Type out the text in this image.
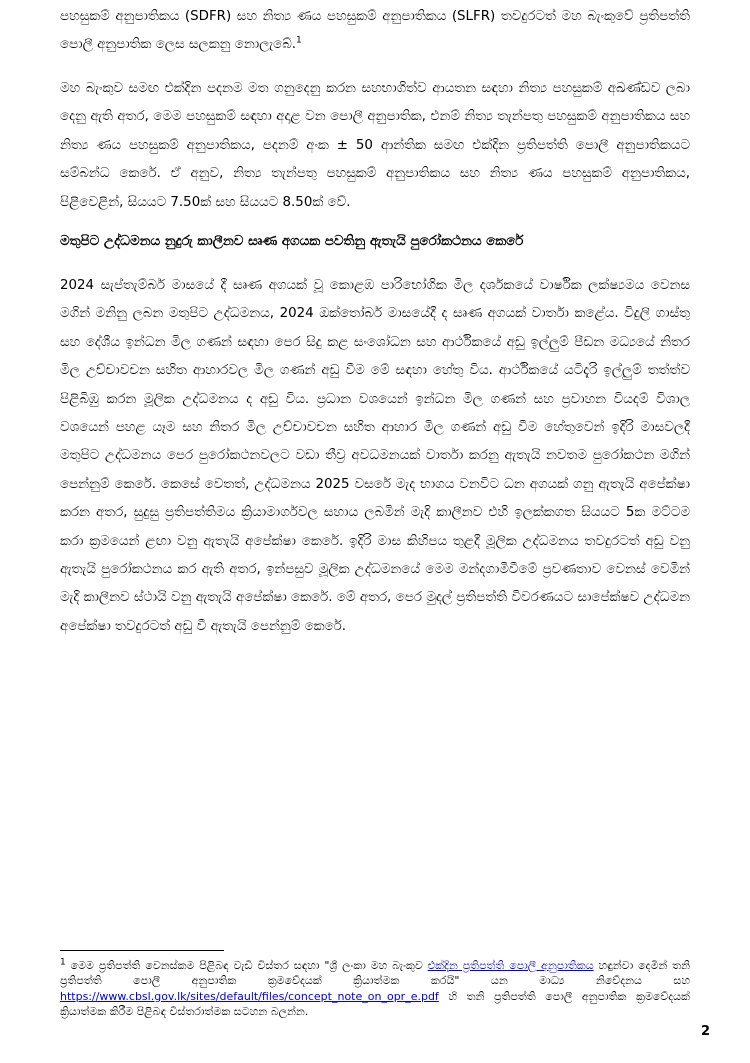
පහසුකම් අනුපාතිකය (SDFR) සහ නිත්‍ය ණය පහසුකම් අනුපාතිකය (SLFR) තවදුරටත් මහ බැංකුවේ ප්‍රතිපත්ති පොලී අනුපාතික ලෙස සලකනු නොලැබේ.$^1$

මහ බැංකුව සමඟ එක්දින පදනම මත ගනුදෙනු කරන සහභාගිත්ව ආයතන සඳහා නිත්‍ය පහසුකම් අඛණ්ඩව ලබා දෙනු ඇති අතර, මෙම පහසුකම් සඳහා අදාළ වන පොලී අනුපාතික, එනම් නිත්‍ය තැන්පතු පහසුකම් අනුපාතිකය සහ නිත්‍ය ණය පහසුකම් අනුපාතිකය, පදනම් අංක ± 50 ආන්තික සමඟ එක්දින ප්‍රතිපත්ති පොලී අනුපාතිකයට සම්බන්ධ කෙරේ. ඒ අනුව, නිත්‍ය තැන්පතු පහසුකම් අනුපාතිකය සහ නිත්‍ය ණය පහසුකම් අනුපාතිකය, පිළිවෙළින්, සියයට 7.50ක් සහ සියයට 8.50ක් වේ.

මතුපිට උද්ධමනය නුදුරු කාලීනව සෘණ අගයක පවතිනු ඇතැයි පුරෝකථනය කෙරේ

2024 සැප්තැම්බර් මාසයේ දී සෘණ අගයක් වූ කොළඹ පාරිභෝගික මිල දර්ශකයේ වාර්ෂික ලක්ෂ්‍යමය වෙනස මගින් මනිනු ලබන මතුපිට උද්ධමනය, 2024 ඔක්තෝබර් මාසයේදී ද සෘණ අගයක් වාර්තා කළේය. විදුලි ගාස්තු සහ දේශීය ඉන්ධන මිල ගණන් සඳහා පෙර සිදු කළ සංශෝධන සහ ආර්ථිකයේ අඩු ඉල්ලුම් පීඩන මධ්‍යයේ නිතර මිල උච්චාවචන සහිත ආහාරවල මිල ගණන් අඩු වීම මේ සඳහා හේතු විය. ආර්ථිකයේ යටිදැරි ඉල්ලුම් තත්ත්ව පිළිබිඹු කරන මූලික උද්ධමනය ද අඩු විය. ප්‍රධාන වශයෙන් ඉන්ධන මිල ගණන් සහ ප්‍රවාහන වියදම් විශාල වශයෙන් පහළ යෑම සහ නිතර මිල උච්චාවචන සහිත ආහාර මිල ගණන් අඩු වීම හේතුවෙන් ඉදිරි මාසවලදී මතුපිට උද්ධමනය පෙර පුරෝකථනවලට වඩා තීව්‍ර අවධමනයක් වාර්තා කරනු ඇතැයි නවතම පුරෝකථන මගින් පෙන්නුම් කෙරේ. කෙසේ වෙතත්, උද්ධමනය 2025 වසරේ මැද භාගය වනවිට ධන අගයක් ගනු ඇතැයි අපේක්ෂා කරන අතර, සුදුසු ප්‍රතිපත්තිමය ක්‍රියාමාර්ගවල සහාය ලබමින් මැදි කාලීනව එහි ඉලක්කගත සියයට 5ක මට්ටම කරා ක්‍රමයෙන් ළඟා වනු ඇතැයි අපේක්ෂා කෙරේ. ඉදිරි මාස කිහිපය තුළදී මූලික උද්ධමනය තවදුරටත් අඩු වනු ඇතැයි පුරෝකථනය කර ඇති අතර, ඉන්පසුව මූලික උද්ධමනයේ මෙම මන්දගාමීවීමේ ප්‍රවණතාව වෙනස් වෙමින් මැදි කාලීනව ස්ථායි වනු ඇතැයි අපේක්ෂා කෙරේ. මේ අතර, පෙර මුදල් ප්‍රතිපත්ති විවරණයට සාපේක්ෂව උද්ධමන අපේක්ෂා තවදුරටත් අඩු වී ඇතැයි පෙන්නුම් කෙරේ.

$^1$ මෙම ප්‍රතිපත්ති වෙනස්කම පිළිබඳ වැඩි විස්තර සඳහා "ශ්‍රී ලංකා මහ බැංකුව එක්දින ප්‍රතිපත්ති පොලී අනුපාතිකය හඳුන්වා දෙමින් තනි ප්‍රතිපත්ති පොලී අනුපාතික ක්‍රමවේදයක් ක්‍රියාත්මක කරයි" යන මාධ්‍ය නිවේදනය සහ https://www.cbsl.gov.lk/sites/default/files/concept_note_on_opr_e.pdf හි තනි ප්‍රතිපත්ති පොලී අනුපාතික ක්‍රමවේදයක් ක්‍රියාත්මක කිරීම පිළිබඳ විස්තරාත්මක සටහන බලන්න.
2
